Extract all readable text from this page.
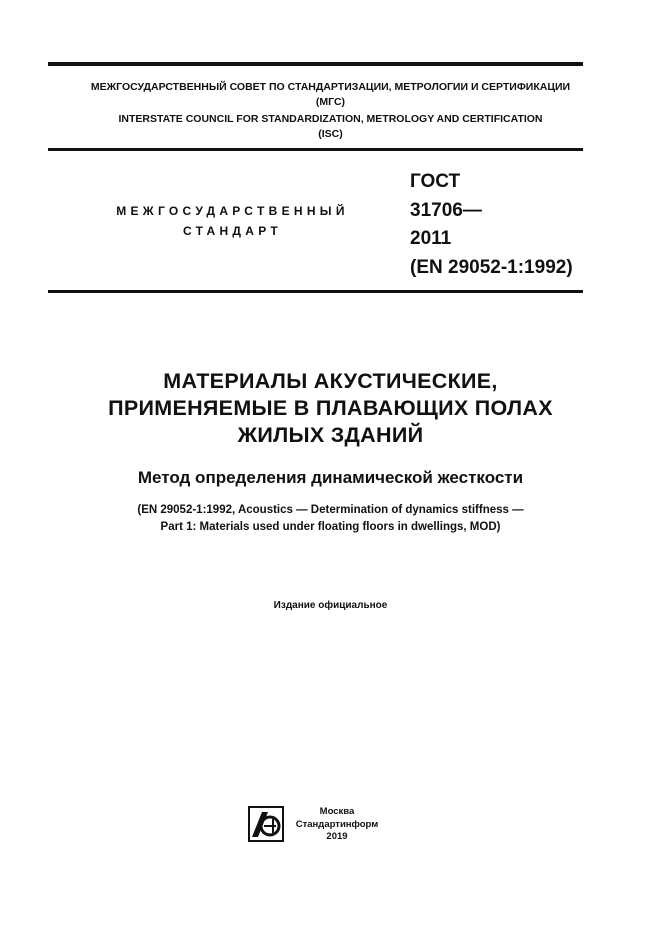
МЕЖГОСУДАРСТВЕННЫЙ СОВЕТ ПО СТАНДАРТИЗАЦИИ, МЕТРОЛОГИИ И СЕРТИФИКАЦИИ
(МГС)
INTERSTATE COUNCIL FOR STANDARDIZATION, METROLOGY AND CERTIFICATION
(ISC)
МЕЖГОСУДАРСТВЕННЫЙ
СТАНДАРТ
ГОСТ
31706—
2011
(EN 29052-1:1992)
МАТЕРИАЛЫ АКУСТИЧЕСКИЕ,
ПРИМЕНЯЕМЫЕ В ПЛАВАЮЩИХ ПОЛАХ
ЖИЛЫХ ЗДАНИЙ
Метод определения динамической жесткости
(EN 29052-1:1992, Acoustics — Determination of dynamics stiffness —
Part 1: Materials used under floating floors in dwellings, MOD)
Издание официальное
Москва
Стандартинформ
2019
